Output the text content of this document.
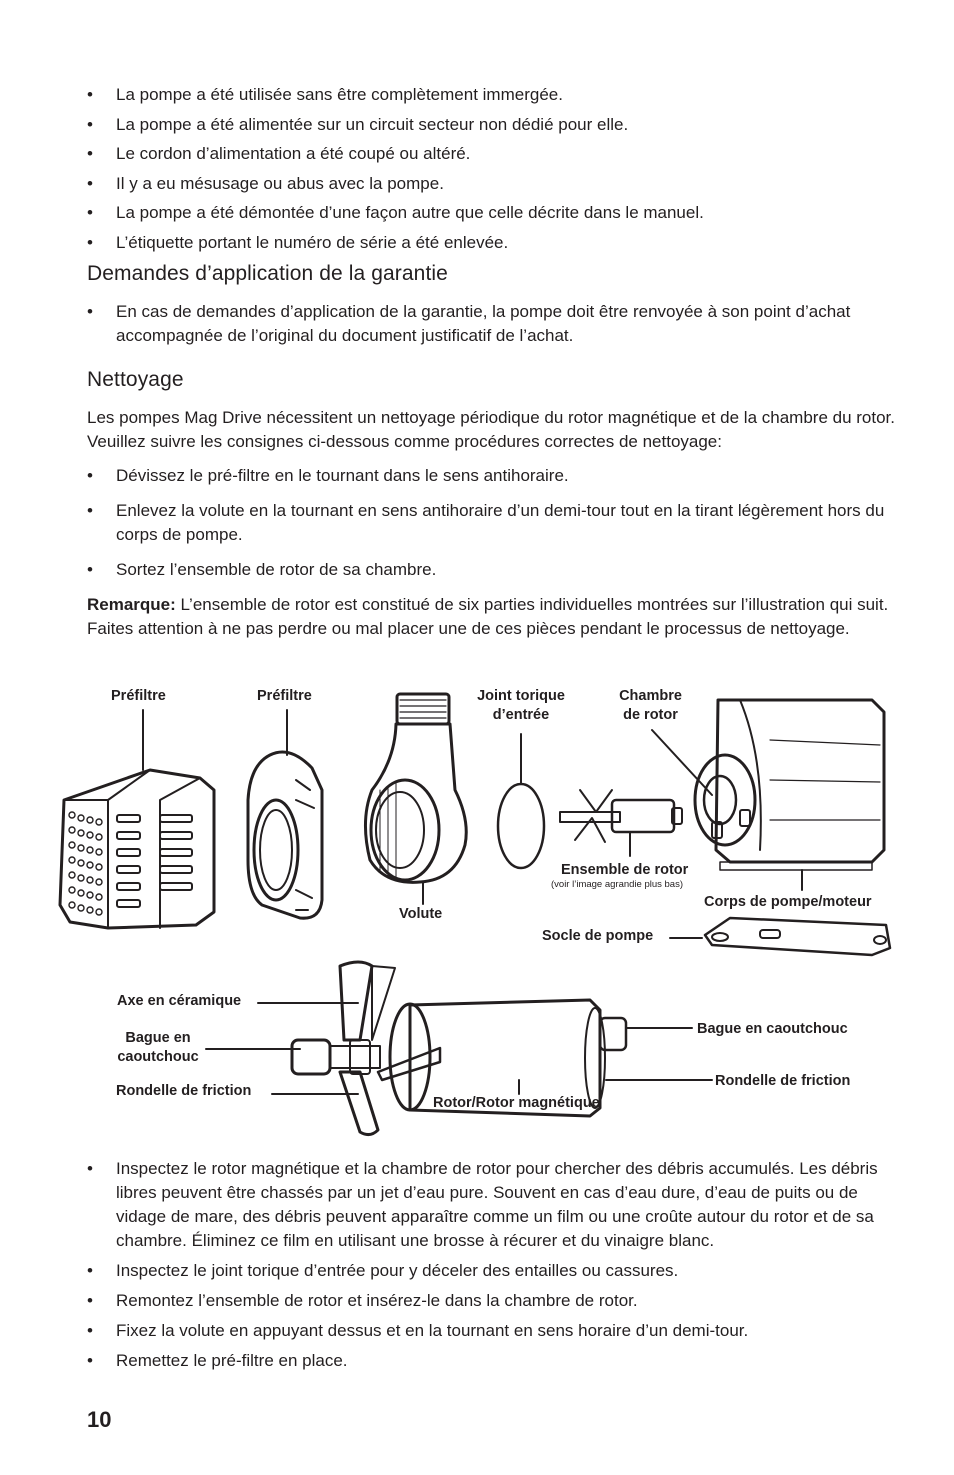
• La pompe a été utilisée sans être complètement immergée.
• La pompe a été alimentée sur un circuit secteur non dédié pour elle.
• Le cordon d’alimentation a été coupé ou altéré.
• Il y a eu mésusage ou abus avec la pompe.
• La pompe a été démontée d’une façon autre que celle décrite dans le manuel.
• L’étiquette portant le numéro de série a été enlevée.
Demandes d’application de la garantie
• En cas de demandes d’application de la garantie, la pompe doit être renvoyée à son point d’achat accompagnée de l’original du document justificatif de l’achat.
Nettoyage

Les pompes Mag Drive nécessitent un nettoyage périodique du rotor magnétique et de la chambre du rotor. Veuillez suivre les consignes ci-dessous comme procédures correctes de nettoyage:

• Dévissez le pré-filtre en le tournant dans le sens antihoraire.
• Enlevez la volute en la tournant en sens antihoraire d’un demi-tour tout en la tirant légèrement hors du corps de pompe.
• Sortez l’ensemble de rotor de sa chambre.

Remarque: L’ensemble de rotor est constitué de six parties individuelles montrées sur l’illustration qui suit. Faites attention à ne pas perdre ou mal placer une de ces pièces pendant le processus de nettoyage.

Préfiltre	Préfiltre	Joint torique
d’entrée
Chambre
de rotor
Volute
Ensemble de rotor
(voir l’image agrandie plus bas)
Corps de pompe/moteur
Socle de pompe
Axe en céramique
Bague en
caoutchouc
Rondelle de friction
Rotor/Rotor magnétique
Bague en caoutchouc
Rondelle de friction
• Inspectez le rotor magnétique et la chambre de rotor pour chercher des débris accumulés. Les débris libres peuvent être chassés par un jet d’eau pure. Souvent en cas d’eau dure, d’eau de puits ou de vidage de mare, des débris peuvent apparaître comme un film ou une croûte autour du rotor et de sa chambre. Éliminez ce film en utilisant une brosse à récurer et du vinaigre blanc.
• Inspectez le joint torique d’entrée pour y déceler des entailles ou cassures.
• Remontez l’ensemble de rotor et insérez-le dans la chambre de rotor.
• Fixez la volute en appuyant dessus et en la tournant en sens horaire d’un demi-tour.
• Remettez le pré-filtre en place.
10
